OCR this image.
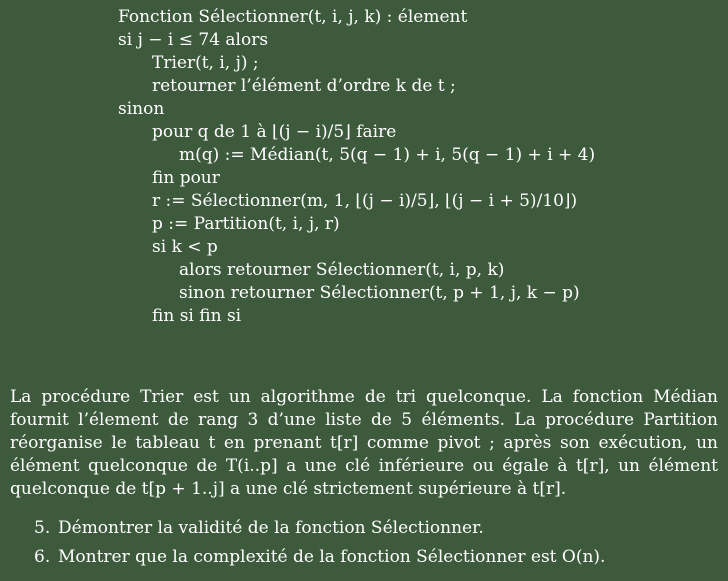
Fonction Sélectionner(t, i, j, k) : élement
si j − i ≤ 74 alors
Trier(t, i, j) ;
retourner l’élément d’ordre k de t ;
sinon
pour q de 1 à ⌊(j − i)/5⌋ faire
m(q) := Médian(t, 5(q − 1) + i, 5(q − 1) + i + 4)
fin pour
r := Sélectionner(m, 1, ⌊(j − i)/5⌋, ⌊(j − i + 5)/10⌋)
p := Partition(t, i, j, r)
si k < p
alors retourner Sélectionner(t, i, p, k)
sinon retourner Sélectionner(t, p + 1, j, k − p)
fin si fin si

La procédure Trier est un algorithme de tri quelconque. La fonction Médian fournit l’élement de rang 3 d’une liste de 5 éléments. La procédure Partition réorganise le tableau t en prenant t[r] comme pivot ; après son exécution, un élément quelconque de T(i..p] a une clé inférieure ou égale à t[r], un élément quelconque de t[p + 1..j] a une clé strictement supérieure à t[r].

5. Démontrer la validité de la fonction Sélectionner.
6. Montrer que la complexité de la fonction Sélectionner est O(n).
